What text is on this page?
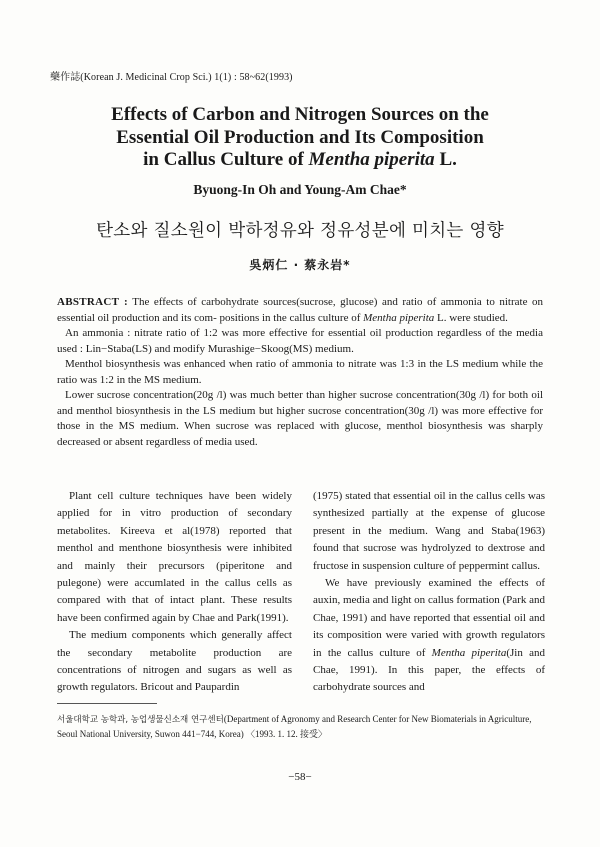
藥作誌(Korean J. Medicinal Crop Sci.) 1(1) : 58~62(1993)
Effects of Carbon and Nitrogen Sources on the
Essential Oil Production and Its Composition
in Callus Culture of Mentha piperita L.
Byuong-In Oh and Young-Am Chae*
탄소와 질소원이 박하정유와 정유성분에 미치는 영향
吳炳仁 · 蔡永岩*

ABSTRACT : The effects of carbohydrate sources(sucrose, glucose) and ratio of ammonia to nitrate on essential oil production and its com- positions in the callus culture of Mentha piperita L. were studied.

An ammonia : nitrate ratio of 1:2 was more effective for essential oil production regardless of the media used : Lin−Staba(LS) and modify Murashige−Skoog(MS) medium.

Menthol biosynthesis was enhanced when ratio of ammonia to nitrate was 1:3 in the LS medium while the ratio was 1:2 in the MS medium.

Lower sucrose concentration(20g /l) was much better than higher sucrose concentration(30g /l) for both oil and menthol biosynthesis in the LS medium but higher sucrose concentration(30g /l) was more effective for those in the MS medium. When sucrose was replaced with glucose, menthol biosynthesis was sharply decreased or absent regardless of media used.

Plant cell culture techniques have been widely applied for in vitro production of secondary metabolites. Kireeva et al(1978) reported that menthol and menthone biosynthesis were inhibited and mainly their precursors (piperitone and pulegone) were accumlated in the callus cells as compared with that of intact plant. These results have been confirmed again by Chae and Park(1991).

The medium components which generally affect the secondary metabolite production are concentrations of nitrogen and sugars as well as growth regulators. Bricout and Paupardin

(1975) stated that essential oil in the callus cells was synthesized partially at the expense of glucose present in the medium. Wang and Staba(1963) found that sucrose was hydrolyzed to dextrose and fructose in suspension culture of peppermint callus.

We have previously examined the effects of auxin, media and light on callus formation (Park and Chae, 1991) and have reported that essential oil and its composition were varied with growth regulators in the callus culture of Mentha piperita(Jin and Chae, 1991). In this paper, the effects of carbohydrate sources and

서울대학교 농학과, 농업생물신소재 연구센터(Department of Agronomy and Research Center for New Biomaterials in Agriculture,
Seoul National University, Suwon 441−744, Korea) 〈1993. 1. 12. 接受〉
−58−
